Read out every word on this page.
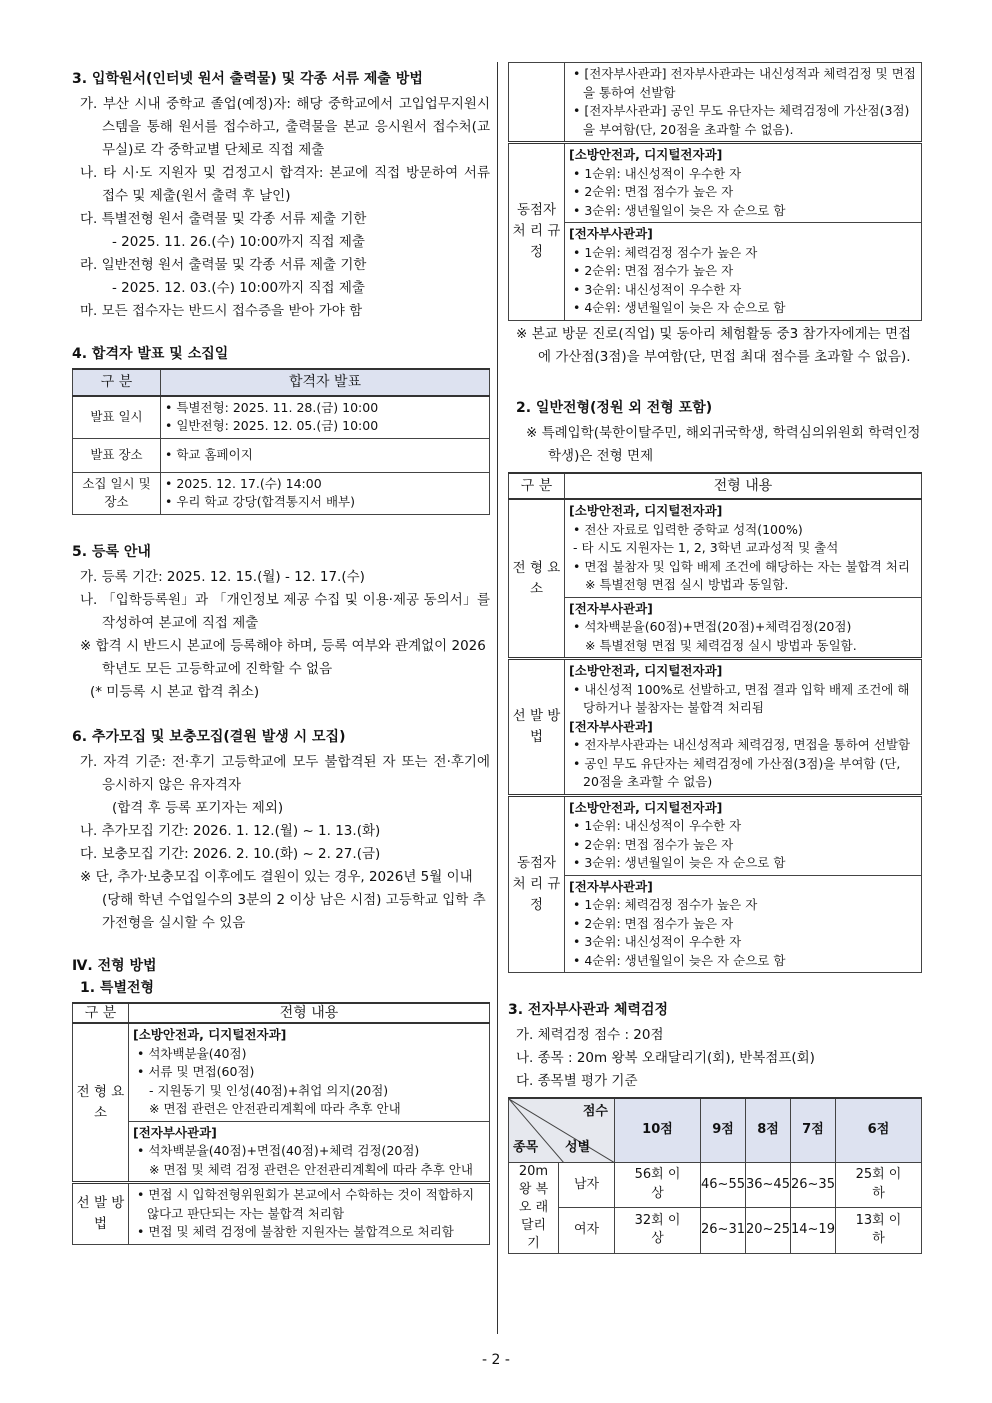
3. 입학원서(인터넷 원서 출력물) 및 각종 서류 제출 방법
가. 부산 시내 중학교 졸업(예정)자: 해당 중학교에서 고입업무지원시스템을 통해 원서를 접수하고, 출력물을 본교 응시원서 접수처(교무실)로 각 중학교별 단체로 직접 제출
나. 타 시·도 지원자 및 검정고시 합격자: 본교에 직접 방문하여 서류 접수 및 제출(원서 출력 후 날인)
다. 특별전형 원서 출력물 및 각종 서류 제출 기한
- 2025. 11. 26.(수) 10:00까지 직접 제출
라. 일반전형 원서 출력물 및 각종 서류 제출 기한
- 2025. 12. 03.(수) 10:00까지 직접 제출
마. 모든 접수자는 반드시 접수증을 받아 가야 함
4. 합격자 발표 및 소집일
구 분	합격자 발표
발표 일시	• 특별전형: 2025. 11. 28.(금) 10:00
• 일반전형: 2025. 12. 05.(금) 10:00

발표 장소	• 학교 홈페이지
소집 일시 및 장소	• 2025. 12. 17.(수) 14:00
• 우리 학교 강당(합격통지서 배부)
5. 등록 안내
가. 등록 기간: 2025. 12. 15.(월) - 12. 17.(수)
나. 「입학등록원」과 「개인정보 제공 수집 및 이용·제공 동의서」를 작성하여 본교에 직접 제출
※ 합격 시 반드시 본교에 등록해야 하며, 등록 여부와 관계없이 2026학년도 모든 고등학교에 진학할 수 없음
(* 미등록 시 본교 합격 취소)
6. 추가모집 및 보충모집(결원 발생 시 모집)
가. 자격 기준: 전·후기 고등학교에 모두 불합격된 자 또는 전·후기에 응시하지 않은 유자격자
(합격 후 등록 포기자는 제외)
나. 추가모집 기간: 2026. 1. 12.(월) ~ 1. 13.(화)
다. 보충모집 기간: 2026. 2. 10.(화) ~ 2. 27.(금)
※ 단, 추가·보충모집 이후에도 결원이 있는 경우, 2026년 5월 이내(당해 학년 수업일수의 3분의 2 이상 남은 시점) 고등학교 입학 추가전형을 실시할 수 있음
Ⅳ. 전형 방법
1. 특별전형
구 분	전형 내용
전 형 요 소	[소방안전과, 디지털전자과]
• 석차백분율(40점)
• 서류 및 면접(60점)
- 지원동기 및 인성(40점)+취업 의지(20점)
※ 면접 관련은 안전관리계획에 따라 추후 안내

	[전자부사관과]
• 석차백분율(40점)+면접(40점)+체력 검정(20점)
※ 면접 및 체력 검정 관련은 안전관리계획에 따라 추후 안내

선 발 방 법	• 면접 시 입학전형위원회가 본교에서 수학하는 것이 적합하지 않다고 판단되는 자는 불합격 처리함
• 면접 및 체력 검정에 불참한 지원자는 불합격으로 처리함

	• [전자부사관과] 전자부사관과는 내신성적과 체력검정 및 면접을 통하여 선발함
• [전자부사관과] 공인 무도 유단자는 체력검정에 가산점(3점)을 부여함(단, 20점을 초과할 수 없음).

동점자 처 리 규 정	[소방안전과, 디지털전자과]
• 1순위: 내신성적이 우수한 자
• 2순위: 면접 점수가 높은 자
• 3순위: 생년월일이 늦은 자 순으로 함

	[전자부사관과]
• 1순위: 체력검정 점수가 높은 자
• 2순위: 면접 점수가 높은 자
• 3순위: 내신성적이 우수한 자
• 4순위: 생년월일이 늦은 자 순으로 함
※ 본교 방문 진로(직업) 및 동아리 체험활동 중3 참가자에게는 면접에 가산점(3점)을 부여함(단, 면접 최대 점수를 초과할 수 없음).
2. 일반전형(정원 외 전형 포함)
※ 특례입학(북한이탈주민, 해외귀국학생, 학력심의위원회 학력인정학생)은 전형 면제
구 분	전형 내용
전 형 요 소	[소방안전과, 디지털전자과]
• 전산 자료로 입력한 중학교 성적(100%)
- 타 시도 지원자는 1, 2, 3학년 교과성적 및 출석
• 면접 불참자 및 입학 배제 조건에 해당하는 자는 불합격 처리
※ 특별전형 면접 실시 방법과 동일함.

	[전자부사관과]
• 석차백분율(60점)+면접(20점)+체력검정(20점)
※ 특별전형 면접 및 체력검정 실시 방법과 동일함.

선 발 방 법	[소방안전과, 디지털전자과]
• 내신성적 100%로 선발하고, 면접 결과 입학 배제 조건에 해당하거나 불참자는 불합격 처리됨
[전자부사관과]
• 전자부사관과는 내신성적과 체력검정, 면접을 통하여 선발함
• 공인 무도 유단자는 체력검정에 가산점(3점)을 부여함 (단, 20점을 초과할 수 없음)

동점자 처 리 규 정	[소방안전과, 디지털전자과]
• 1순위: 내신성적이 우수한 자
• 2순위: 면접 점수가 높은 자
• 3순위: 생년월일이 늦은 자 순으로 함

	[전자부사관과]
• 1순위: 체력검정 점수가 높은 자
• 2순위: 면접 점수가 높은 자
• 3순위: 내신성적이 우수한 자
• 4순위: 생년월일이 늦은 자 순으로 함
3. 전자부사관과 체력검정
가. 체력검정 점수 : 20점
나. 종목 : 20m 왕복 오래달리기(회), 반복점프(회)
다. 종목별 평가 기준
점수
종목 성별		10점	9점	8점	7점	6점
20m 왕 복 오 래 달리기	남자	56회 이상	46~55	36~45	26~35	25회 이하
	여자	32회 이상	26~31	20~25	14~19	13회 이하
- 2 -
